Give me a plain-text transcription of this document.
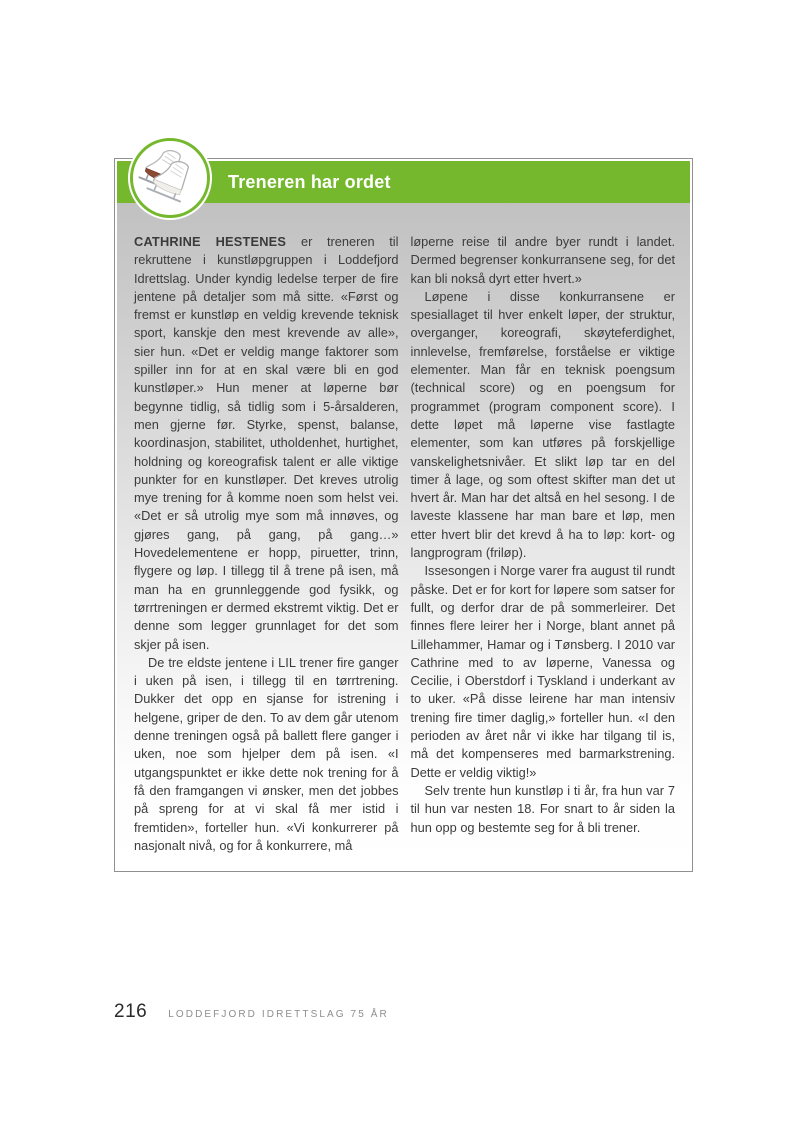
Treneren har ordet

CATHRINE HESTENES er treneren til rekruttene i kunstløpgruppen i Loddefjord Idrettslag. Under kyndig ledelse terper de fire jentene på detaljer som må sitte. «Først og fremst er kunstløp en veldig krevende teknisk sport, kanskje den mest krevende av alle», sier hun. «Det er veldig mange faktorer som spiller inn for at en skal være bli en god kunstløper.» Hun mener at løperne bør begynne tidlig, så tidlig som i 5-årsalderen, men gjerne før. Styrke, spenst, balanse, koordinasjon, stabilitet, utholdenhet, hurtighet, holdning og koreografisk talent er alle viktige punkter for en kunstløper. Det kreves utrolig mye trening for å komme noen som helst vei. «Det er så utrolig mye som må innøves, og gjøres gang, på gang, på gang…» Hovedelementene er hopp, piruetter, trinn, flygere og løp. I tillegg til å trene på isen, må man ha en grunnleggende god fysikk, og tørrtreningen er dermed ekstremt viktig. Det er denne som legger grunnlaget for det som skjer på isen.

De tre eldste jentene i LIL trener fire ganger i uken på isen, i tillegg til en tørrtrening. Dukker det opp en sjanse for istrening i helgene, griper de den. To av dem går utenom denne treningen også på ballett flere ganger i uken, noe som hjelper dem på isen. «I utgangspunktet er ikke dette nok trening for å få den framgangen vi ønsker, men det jobbes på spreng for at vi skal få mer istid i fremtiden», forteller hun. «Vi konkurrerer på nasjonalt nivå, og for å konkurrere, må

løperne reise til andre byer rundt i landet. Dermed begrenser konkurransene seg, for det kan bli nokså dyrt etter hvert.»

Løpene i disse konkurransene er spesiallaget til hver enkelt løper, der struktur, overganger, koreografi, skøyteferdighet, innlevelse, fremførelse, forståelse er viktige elementer. Man får en teknisk poengsum (technical score) og en poengsum for programmet (program component score). I dette løpet må løperne vise fastlagte elementer, som kan utføres på forskjellige vanskelighetsnivåer. Et slikt løp tar en del timer å lage, og som oftest skifter man det ut hvert år. Man har det altså en hel sesong. I de laveste klassene har man bare et løp, men etter hvert blir det krevd å ha to løp: kort- og langprogram (friløp).

Issesongen i Norge varer fra august til rundt påske. Det er for kort for løpere som satser for fullt, og derfor drar de på sommerleirer. Det finnes flere leirer her i Norge, blant annet på Lillehammer, Hamar og i Tønsberg. I 2010 var Cathrine med to av løperne, Vanessa og Cecilie, i Oberstdorf i Tyskland i underkant av to uker. «På disse leirene har man intensiv trening fire timer daglig,» forteller hun. «I den perioden av året når vi ikke har tilgang til is, må det kompenseres med barmarkstrening. Dette er veldig viktig!»

Selv trente hun kunstløp i ti år, fra hun var 7 til hun var nesten 18. For snart to år siden la hun opp og bestemte seg for å bli trener.

216 LODDEFJORD IDRETTSLAG 75 ÅR
